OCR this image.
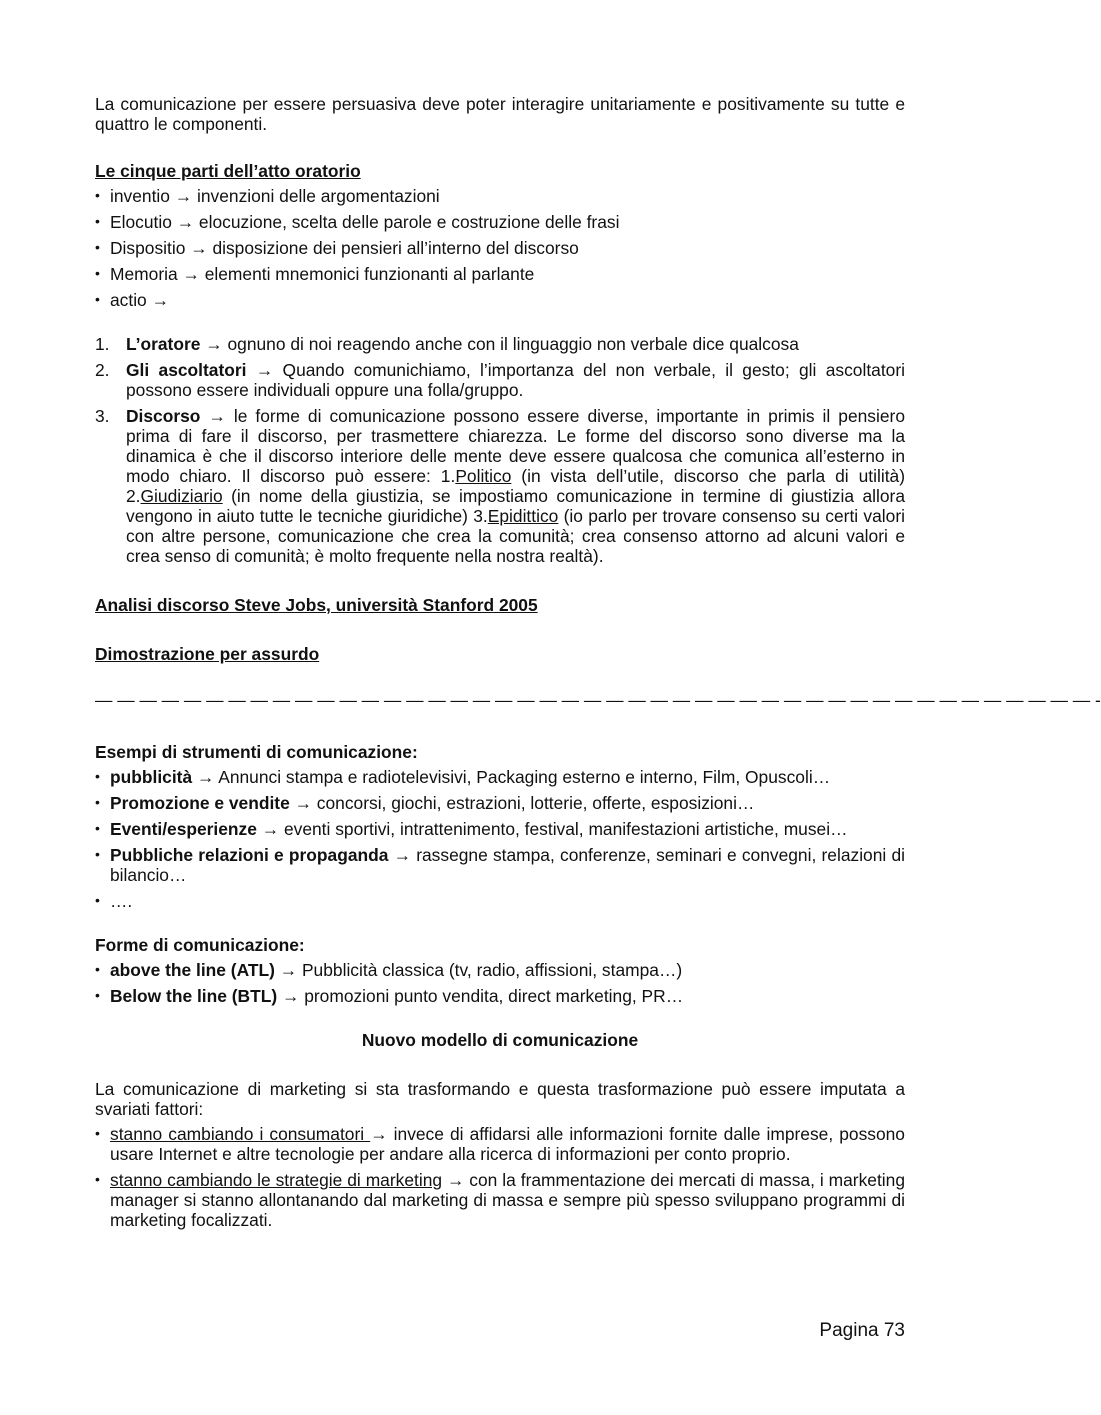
La comunicazione per essere persuasiva deve poter interagire unitariamente e positivamente su tutte e quattro le componenti.

Le cinque parti dell’atto oratorio
• inventio → invenzioni delle argomentazioni
• Elocutio → elocuzione, scelta delle parole e costruzione delle frasi
• Dispositio → disposizione dei pensieri all’interno del discorso
• Memoria → elementi mnemonici funzionanti al parlante
• actio →
1. L’oratore → ognuno di noi reagendo anche con il linguaggio non verbale dice qualcosa
2. Gli ascoltatori → Quando comunichiamo, l’importanza del non verbale, il gesto; gli ascoltatori possono essere individuali oppure una folla/gruppo.
3. Discorso → le forme di comunicazione possono essere diverse, importante in primis il pensiero prima di fare il discorso, per trasmettere chiarezza. Le forme del discorso sono diverse ma la dinamica è che il discorso interiore delle mente deve essere qualcosa che comunica all’esterno in modo chiaro. Il discorso può essere: 1.Politico (in vista dell’utile, discorso che parla di utilità) 2.Giudiziario (in nome della giustizia, se impostiamo comunicazione in termine di giustizia allora vengono in aiuto tutte le tecniche giuridiche) 3.Epidittico (io parlo per trovare consenso su certi valori con altre persone, comunicazione che crea la comunità; crea consenso attorno ad alcuni valori e crea senso di comunità; è molto frequente nella nostra realtà).
Analisi discorso Steve Jobs, università Stanford 2005
Dimostrazione per assurdo
— — — — — — — — — — — — — — — — — — — — — — — — — — — — — — — — — — — — — — — — — — — — — -
Esempi di strumenti di comunicazione:
• pubblicità → Annunci stampa e radiotelevisivi, Packaging esterno e interno, Film, Opuscoli…
• Promozione e vendite → concorsi, giochi, estrazioni, lotterie, offerte, esposizioni…
• Eventi/esperienze → eventi sportivi, intrattenimento, festival, manifestazioni artistiche, musei…
• Pubbliche relazioni e propaganda → rassegne stampa, conferenze, seminari e convegni, relazioni di bilancio…
• ….
Forme di comunicazione:
• above the line (ATL) → Pubblicità classica (tv, radio, affissioni, stampa…)
• Below the line (BTL) → promozioni punto vendita, direct marketing, PR…
Nuovo modello di comunicazione

La comunicazione di marketing si sta trasformando e questa trasformazione può essere imputata a svariati fattori:

• stanno cambiando i consumatori → invece di affidarsi alle informazioni fornite dalle imprese, possono usare Internet e altre tecnologie per andare alla ricerca di informazioni per conto proprio.
• stanno cambiando le strategie di marketing → con la frammentazione dei mercati di massa, i marketing manager si stanno allontanando dal marketing di massa e sempre più spesso sviluppano programmi di marketing focalizzati.
Pagina 73
